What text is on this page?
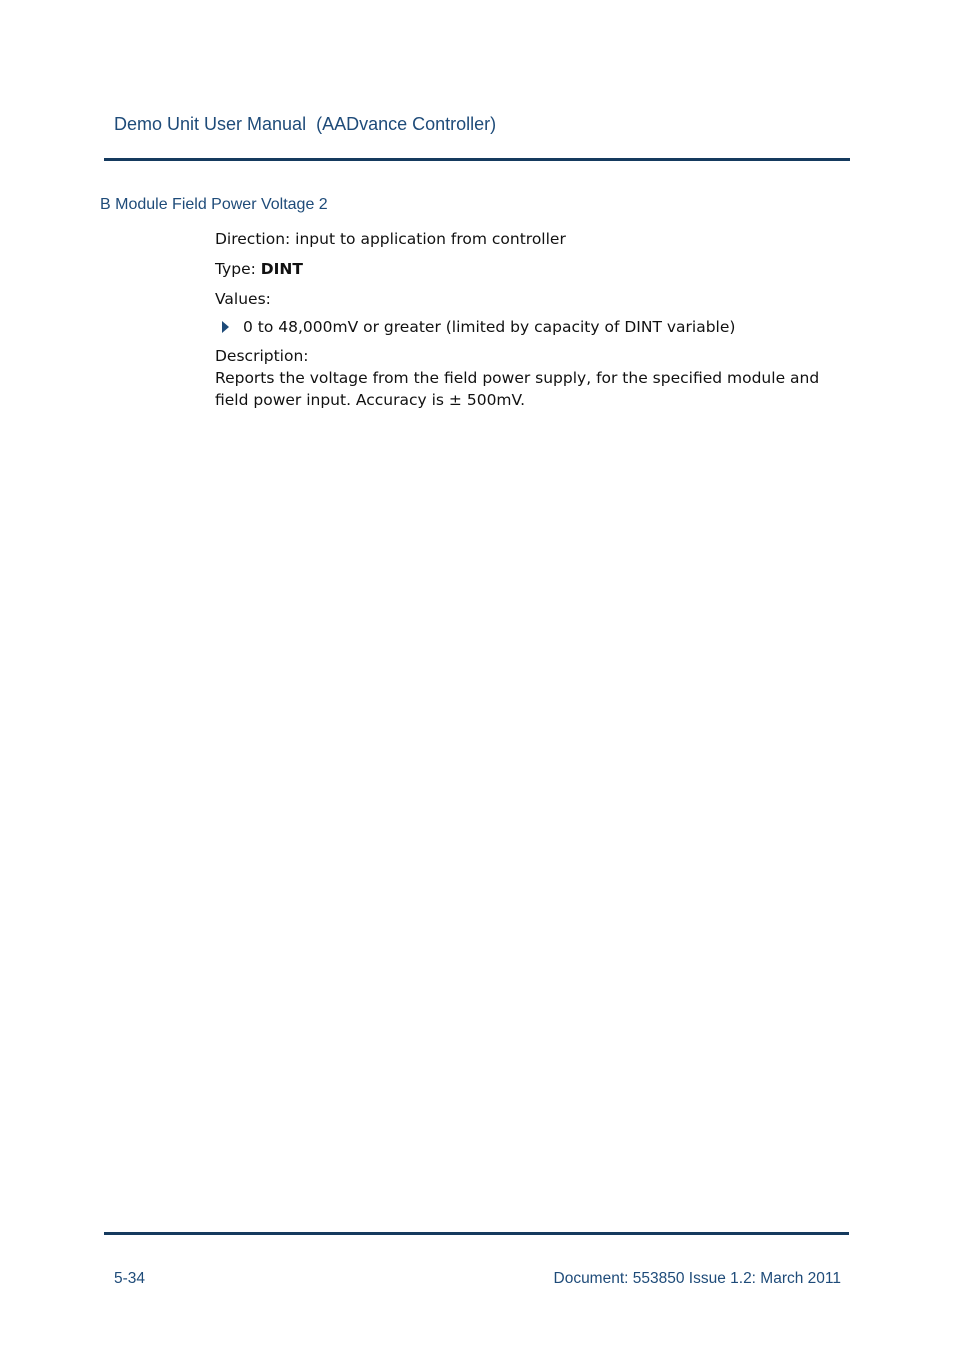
Demo Unit User Manual  (AADvance Controller)
B Module Field Power Voltage 2

Direction: input to application from controller

Type: DINT

Values:

0 to 48,000mV or greater (limited by capacity of DINT variable)

Description:

Reports the voltage from the field power supply, for the specified module and field power input. Accuracy is ± 500mV.

5-34	Document: 553850 Issue 1.2: March 2011
